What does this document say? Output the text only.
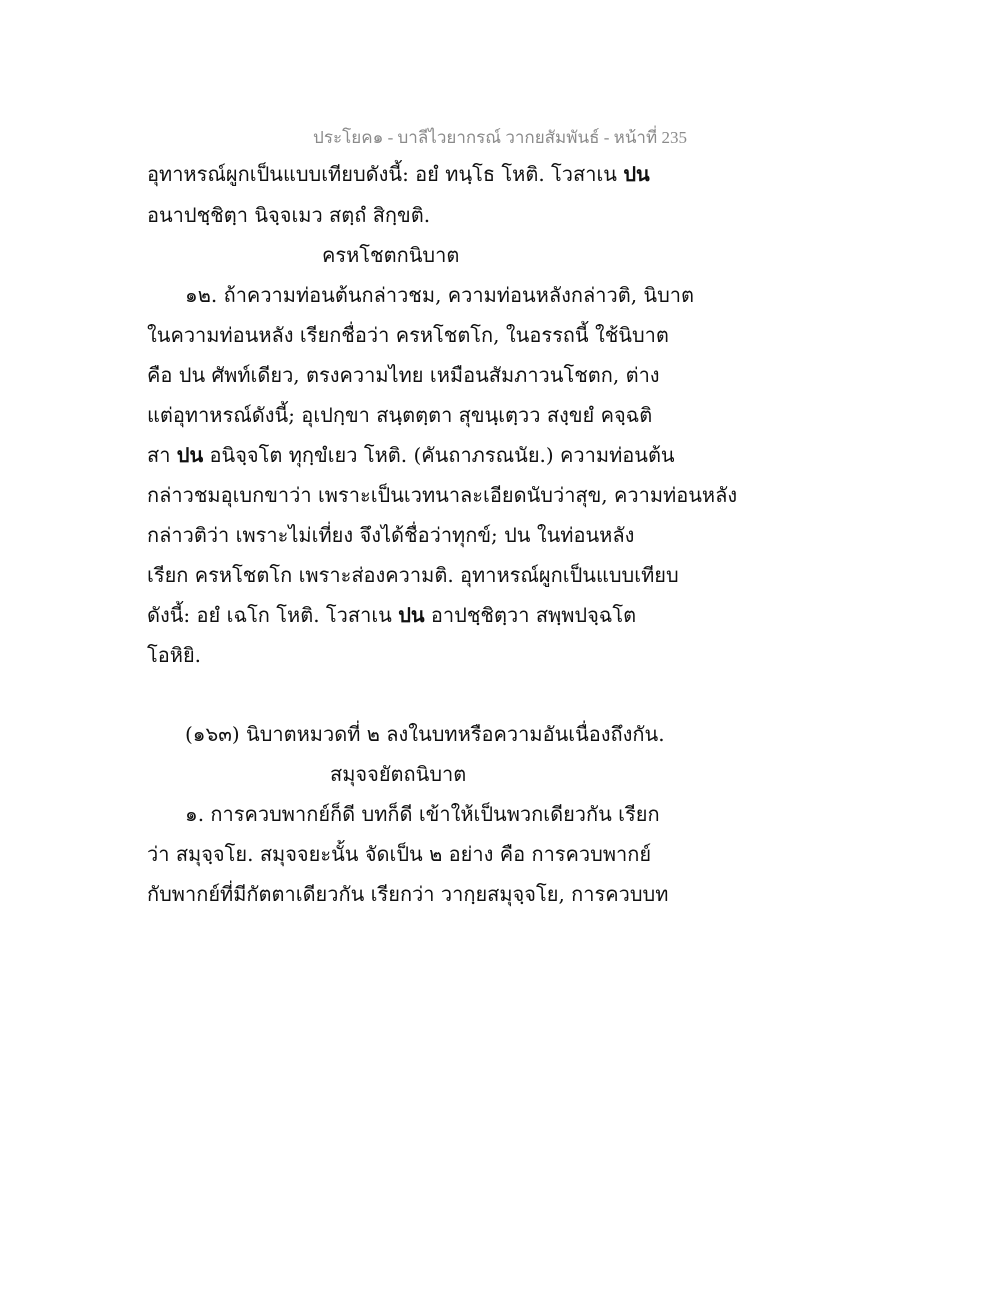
ประโยค๑ - บาลีไวยากรณ์ วากยสัมพันธ์ - หน้าที่ 235
อุทาหรณ์ผูกเป็นแบบเทียบดังนี้: อยํ ทนฺโธ โหติ. โวสาเน ปน
อนาปชฺชิตฺา นิจฺจเมว สตฺถํ สิกฺขติ.
ครหโชตกนิบาต
๑๒. ถ้าความท่อนต้นกล่าวชม, ความท่อนหลังกล่าวติ, นิบาต
ในความท่อนหลัง เรียกชื่อว่า ครหโชตโก, ในอรรถนี้ ใช้นิบาต
คือ ปน ศัพท์เดียว, ตรงความไทย เหมือนสัมภาวนโชตก, ต่าง
แต่อุทาหรณ์ดังนี้; อุเปกฺขา สนฺตตฺตา สุขนฺเตฺวว สงฺขยํ คจฺฉติ
สา ปน อนิจฺจโต ทุกฺขํเยว โหติ. (คันถาภรณนัย.) ความท่อนต้น
กล่าวชมอุเบกขาว่า เพราะเป็นเวทนาละเอียดนับว่าสุข, ความท่อนหลัง
กล่าวติว่า เพราะไม่เที่ยง จึงได้ชื่อว่าทุกข์; ปน ในท่อนหลัง
เรียก ครหโชตโก เพราะส่องความติ. อุทาหรณ์ผูกเป็นแบบเทียบ
ดังนี้: อยํ เฉโก โหติ. โวสาเน ปน อาปชฺชิตฺวา สพฺพปจฺฉโต
โอหิยิ.
(๑๖๓) นิบาตหมวดที่ ๒ ลงในบทหรือความอันเนื่องถึงกัน.
สมุจจยัตถนิบาต
๑. การควบพากย์ก็ดี บทก็ดี เข้าให้เป็นพวกเดียวกัน เรียก
ว่า สมุจฺจโย. สมุจจยะนั้น จัดเป็น ๒ อย่าง คือ การควบพากย์
กับพากย์ที่มีกัตตาเดียวกัน เรียกว่า วากฺยสมุจฺจโย, การควบบท
